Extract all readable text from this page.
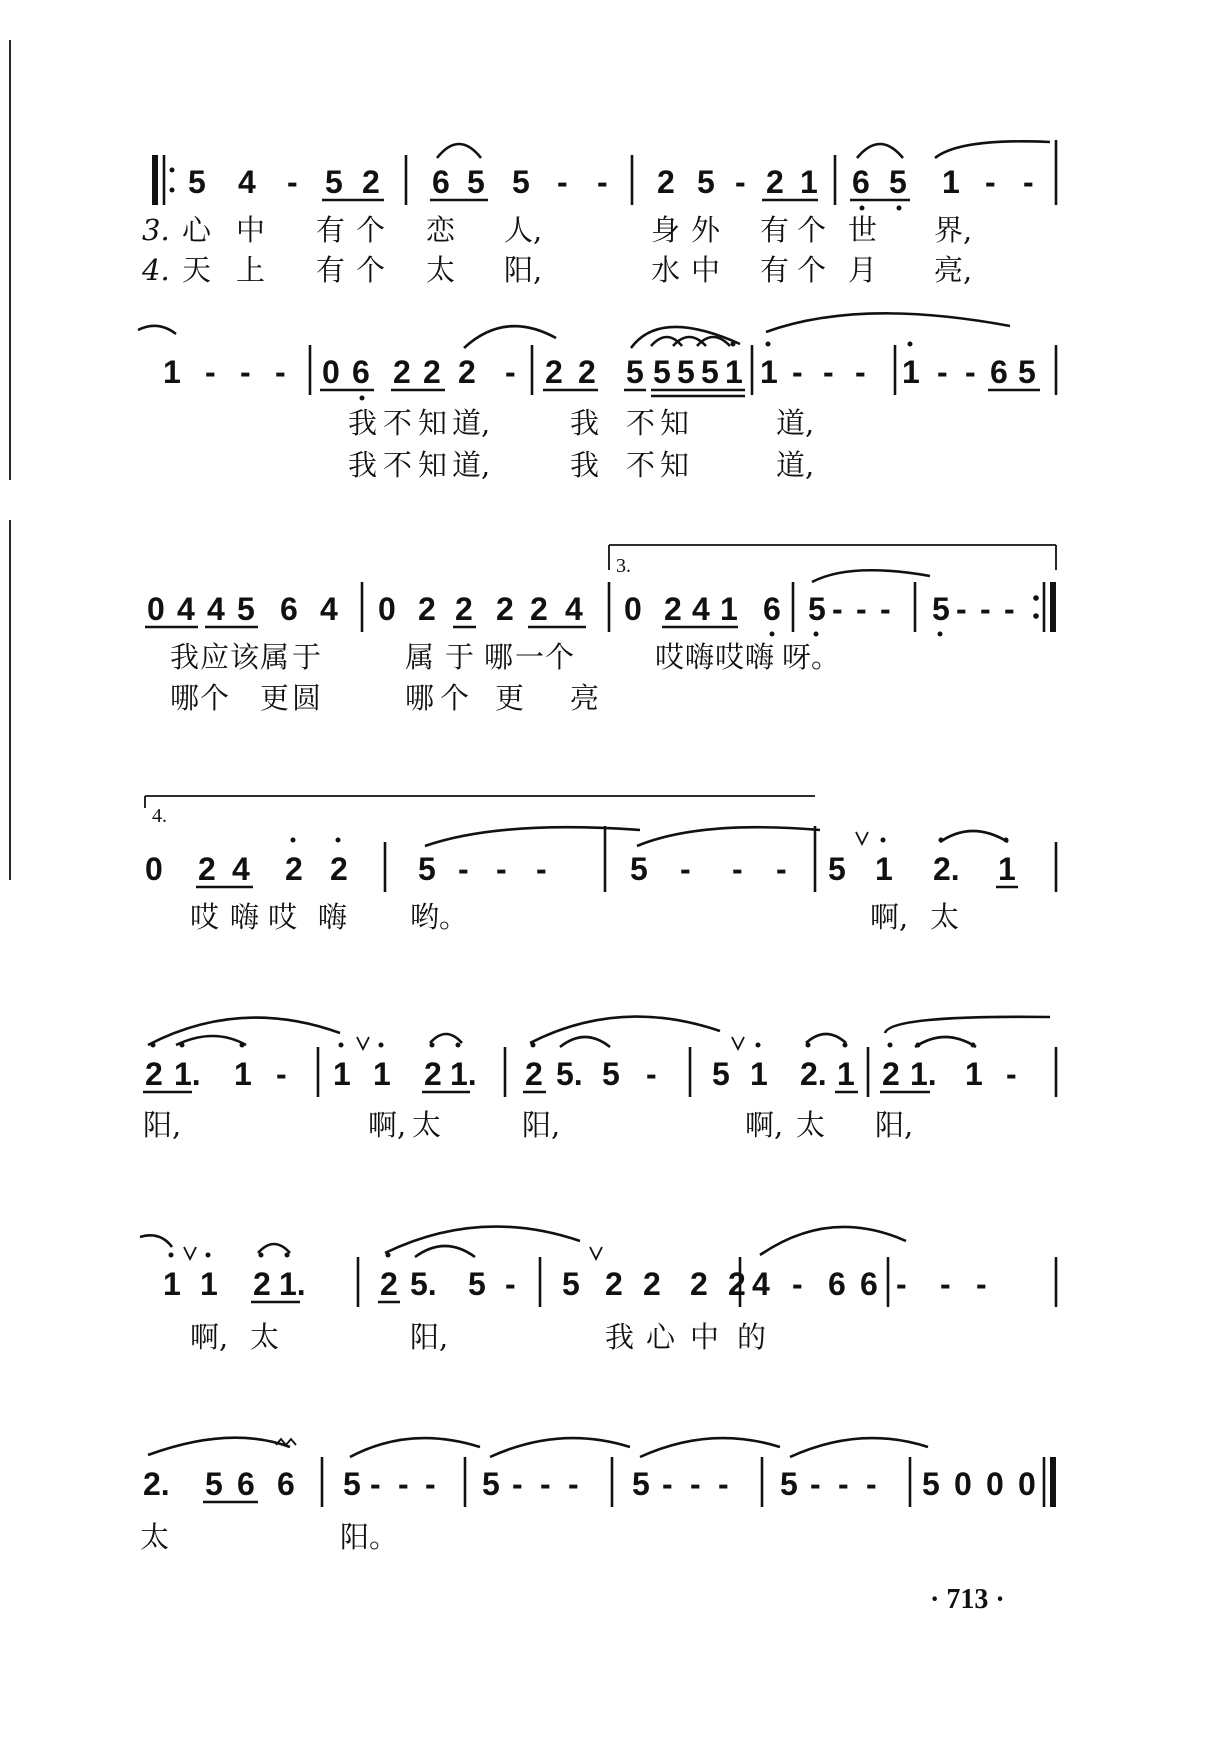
5 4 - 5 2 6 5 5 - - 2 5 - 2 1 6 5 1 - -
3. 心 中 有 个 恋 人,	身 外 有 个 世 界,
4. 天 上 有 个 太 阳,	水 中 有 个 月 亮,
1 - - - 0 6 2 2 2 - 2 2 5 5 5 5 1 1 - - - 1 - - 6 5
我 不 知 道,	我 不 知	道,
我 不 知 道,	我 不 知	道,
3.
0 4 4 5 6 4 0 2 2 2 2 4 0 2 4 1 6 5 - - - 5 - - -
我 应 该 属 于	属 于 哪 一 个	哎 嗨 哎 嗨 呀。
哪 个 更 圆	哪 个 更 亮
4.
0 2 4 2 2 5 - - -	5 - - - 5 1 2. 1
哎 嗨 哎 嗨 哟。	啊, 太
2 1. 1 - 1 1 2 1. 2 5. 5 - 5 1 2. 1 2 1. 1 -
阳,	啊, 太	阳,	啊, 太 阳,
1 1 2 1. 2 5. 5 - 5 2 2 2 2 4 - 6 6 - - -
啊, 太	阳,	我 心 中 的
2. 5 6 6 5 - - - 5 - - - 5 - - - 5 - - - 5 0 0 0
太	阳。
· 713 ·
